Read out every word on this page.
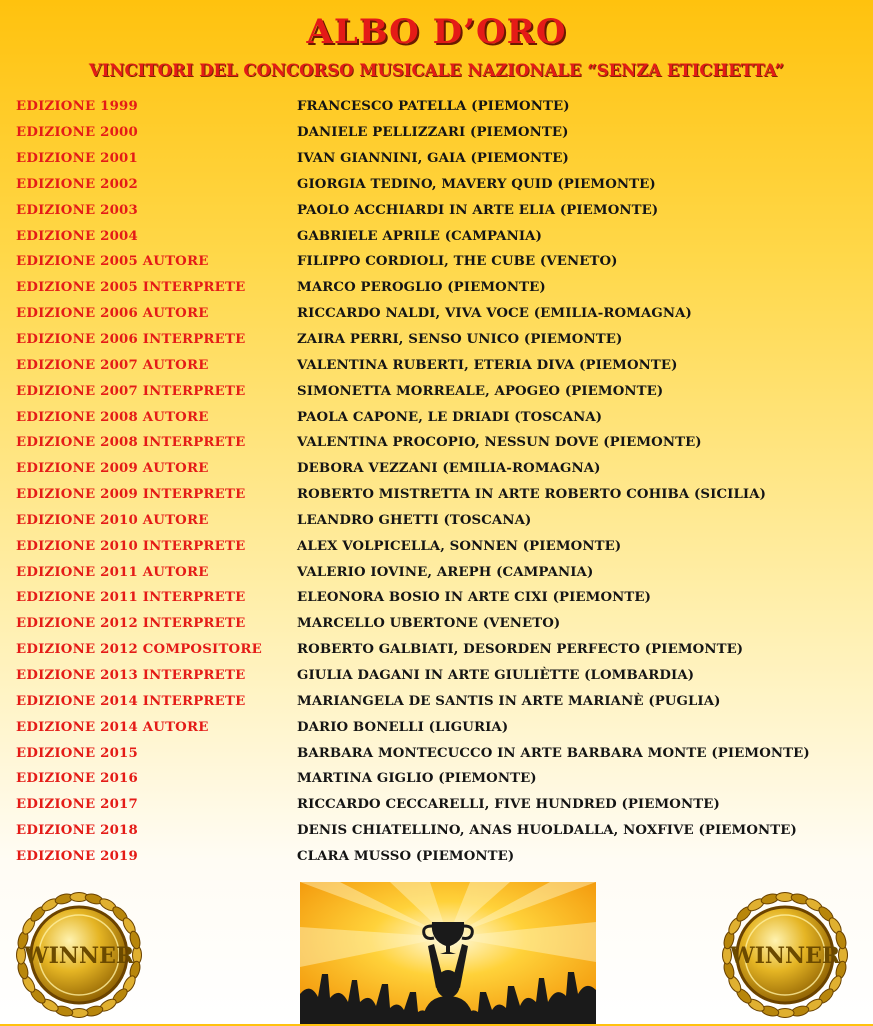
ALBO D’ORO
VINCITORI DEL CONCORSO MUSICALE NAZIONALE “SENZA ETICHETTA”
EDIZIONE 1999	FRANCESCO PATELLA (PIEMONTE)
EDIZIONE 2000	DANIELE PELLIZZARI (PIEMONTE)
EDIZIONE 2001	IVAN GIANNINI, GAIA (PIEMONTE)
EDIZIONE 2002	GIORGIA TEDINO, MAVERY QUID (PIEMONTE)
EDIZIONE 2003	PAOLO ACCHIARDI IN ARTE ELIA (PIEMONTE)
EDIZIONE 2004	GABRIELE APRILE (CAMPANIA)
EDIZIONE 2005 AUTORE	FILIPPO CORDIOLI, THE CUBE (VENETO)
EDIZIONE 2005 INTERPRETE	MARCO PEROGLIO (PIEMONTE)
EDIZIONE 2006 AUTORE	RICCARDO NALDI, VIVA VOCE (EMILIA-ROMAGNA)
EDIZIONE 2006 INTERPRETE	ZAIRA PERRI, SENSO UNICO (PIEMONTE)
EDIZIONE 2007 AUTORE	VALENTINA RUBERTI, ETERIA DIVA (PIEMONTE)
EDIZIONE 2007 INTERPRETE	SIMONETTA MORREALE, APOGEO (PIEMONTE)
EDIZIONE 2008 AUTORE	PAOLA CAPONE, LE DRIADI (TOSCANA)
EDIZIONE 2008 INTERPRETE	VALENTINA PROCOPIO, NESSUN DOVE (PIEMONTE)
EDIZIONE 2009 AUTORE	DEBORA VEZZANI (EMILIA-ROMAGNA)
EDIZIONE 2009 INTERPRETE	ROBERTO MISTRETTA IN ARTE ROBERTO COHIBA (SICILIA)
EDIZIONE 2010 AUTORE	LEANDRO GHETTI (TOSCANA)
EDIZIONE 2010 INTERPRETE	ALEX VOLPICELLA, SONNEN (PIEMONTE)
EDIZIONE 2011 AUTORE	VALERIO IOVINE, AREPH (CAMPANIA)
EDIZIONE 2011 INTERPRETE	ELEONORA BOSIO IN ARTE CIXI (PIEMONTE)
EDIZIONE 2012 INTERPRETE	MARCELLO UBERTONE (VENETO)
EDIZIONE 2012 COMPOSITORE	ROBERTO GALBIATI, DESORDEN PERFECTO (PIEMONTE)
EDIZIONE 2013 INTERPRETE	GIULIA DAGANI IN ARTE GIULIÈTTE (LOMBARDIA)
EDIZIONE 2014 INTERPRETE	MARIANGELA DE SANTIS IN ARTE MARIANÈ (PUGLIA)
EDIZIONE 2014 AUTORE	DARIO BONELLI (LIGURIA)
EDIZIONE 2015	BARBARA MONTECUCCO IN ARTE BARBARA MONTE (PIEMONTE)
EDIZIONE 2016	MARTINA GIGLIO (PIEMONTE)
EDIZIONE 2017	RICCARDO CECCARELLI, FIVE HUNDRED (PIEMONTE)
EDIZIONE 2018	DENIS CHIATELLINO, ANAS HUOLDALLA, NOXFIVE (PIEMONTE)
EDIZIONE 2019	CLARA MUSSO (PIEMONTE)
WINNER	WINNER
